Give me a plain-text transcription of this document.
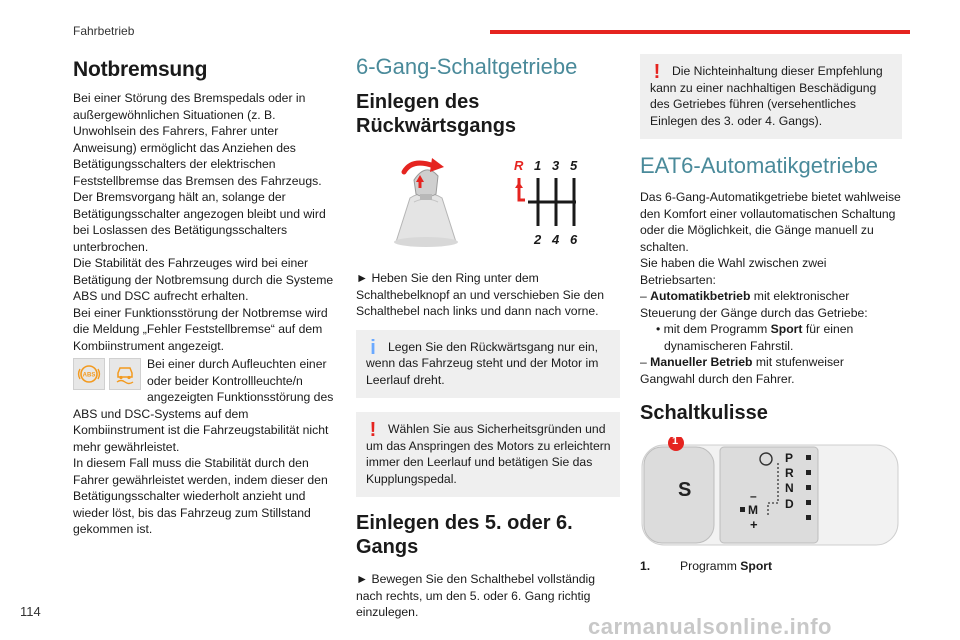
Fahrbetrieb
Notbremsung

Bei einer Störung des Bremspedals oder in außergewöhnlichen Situationen (z. B. Unwohlsein des Fahrers, Fahrer unter Anweisung) ermöglicht das Anziehen des Betätigungsschalters der elektrischen Feststellbremse das Bremsen des Fahrzeugs. Der Bremsvorgang hält an, solange der Betätigungsschalter angezogen bleibt und wird bei Loslassen des Betätigungsschalters unterbrochen.

Die Stabilität des Fahrzeuges wird bei einer Betätigung der Notbremsung durch die Systeme ABS und DSC aufrecht erhalten.

Bei einer Funktionsstörung der Notbremse wird die Meldung „Fehler Feststellbremse“ auf dem Kombiinstrument angezeigt.

ABS

Bei einer durch Aufleuchten einer oder beider Kontrollleuchte/n angezeigten Funktionsstörung des ABS und DSC-Systems auf dem Kombiinstrument ist die Fahrzeugstabilität nicht mehr gewährleistet.

In diesem Fall muss die Stabilität durch den Fahrer gewährleistet werden, indem dieser den Betätigungsschalter wiederholt anzieht und wieder löst, bis das Fahrzeug zum Stillstand gekommen ist.

6-Gang-Schaltgetriebe
Einlegen des Rückwärtsgangs
R 1 3 5
2 4 6

► Heben Sie den Ring unter dem Schalthebelknopf an und verschieben Sie den Schalthebel nach links und dann nach vorne.

i	Legen Sie den Rückwärtsgang nur ein, wenn das Fahrzeug steht und der Motor im Leerlauf dreht.

! Wählen Sie aus Sicherheitsgründen und um das Anspringen des Motors zu erleichtern immer den Leerlauf und betätigen Sie das Kupplungspedal.

Einlegen des 5. oder 6. Gangs

► Bewegen Sie den Schalthebel vollständig nach rechts, um den 5. oder 6. Gang richtig einzulegen.

! Die Nichteinhaltung dieser Empfehlung kann zu einer nachhaltigen Beschädigung des Getriebes führen (versehentliches Einlegen des 3. oder 4. Gangs).

EAT6-Automatikgetriebe

Das 6-Gang-Automatikgetriebe bietet wahlweise den Komfort einer vollautomatischen Schaltung oder die Möglichkeit, die Gänge manuell zu schalten.

Sie haben die Wahl zwischen zwei Betriebsarten:

– Automatikbetrieb mit elektronischer Steuerung der Gänge durch das Getriebe:

• mit dem Programm Sport für einen dynamischeren Fahrstil.

– Manueller Betrieb mit stufenweiser Gangwahl durch den Fahrer.

Schaltkulisse
1
S
P
R
N
D
M
–
+
1.	Programm Sport
114
carmanualsonline.info
